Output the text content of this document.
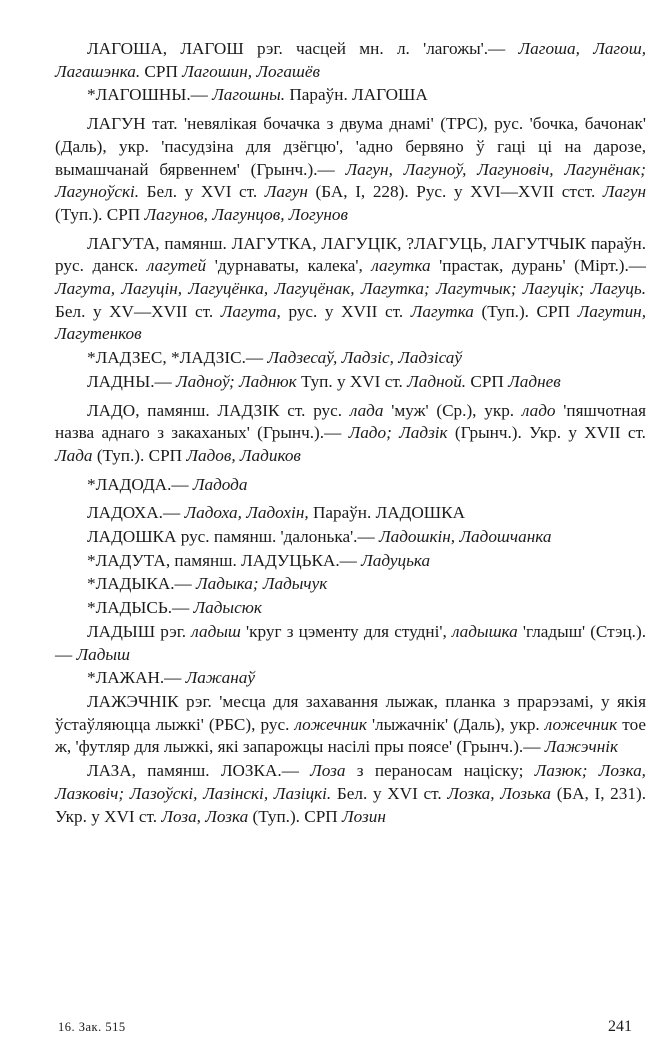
ЛАГОША, ЛАГОШ рэг. часцей мн. л. 'лагожы'.— Лагоша, Лагош, Лагашэнка. СРП Лагошин, Логашёв

*ЛАГОШНЫ.— Лагошны. Параўн. ЛАГОША

ЛАГУН тат. 'невялікая бочачка з двума днамі' (ТРС), рус. 'бочка, бачонак' (Даль), укр. 'пасудзіна для дзёгцю', 'адно бервяно ў гаці ці на дарозе, вымашчанай бярвеннем' (Грынч.).— Лагун, Лагуноў, Лагуновіч, Лагунёнак; Лагуноўскі. Бел. у XVI ст. Лагун (БА, І, 228). Рус. у XVI—XVII стст. Лагун (Туп.). СРП Лагунов, Лагунцов, Логунов

ЛАГУТА, памянш. ЛАГУТКА, ЛАГУЦІК, ?ЛАГУЦЬ, ЛАГУТЧЫК параўн. рус. данск. лагутей 'дурнаваты, калека', лагутка 'прастак, дурань' (Мірт.).— Лагута, Лагуцін, Лагуцёнка, Лагуцёнак, Лагутка; Лагутчык; Лагуцік; Лагуць. Бел. у XV—XVII ст. Лагута, рус. у XVII ст. Лагутка (Туп.). СРП Лагутин, Лагутенков

*ЛАДЗЕС, *ЛАДЗІС.— Ладзесаў, Ладзіс, Ладзісаў

ЛАДНЫ.— Ладноў; Ладнюк Туп. у XVI ст. Ладной. СРП Ладнев

ЛАДО, памянш. ЛАДЗІК ст. рус. лада 'муж' (Ср.), укр. ладо 'пяшчотная назва аднаго з закаханых' (Грынч.).— Ладо; Ладзік (Грынч.). Укр. у XVII ст. Лада (Туп.). СРП Ладов, Ладиков

*ЛАДОДА.— Ладода

ЛАДОХА.— Ладоха, Ладохін, Параўн. ЛАДОШКА

ЛАДОШКА рус. памянш. 'далонька'.— Ладошкін, Ладошчанка

*ЛАДУТА, памянш. ЛАДУЦЬКА.— Ладуцька

*ЛАДЫКА.— Ладыка; Ладычук

*ЛАДЫСЬ.— Ладысюк

ЛАДЫШ рэг. ладыш 'круг з цэменту для студні', ладышка 'гладыш' (Стэц.).— Ладыш

*ЛАЖАН.— Лажанаў

ЛАЖЭЧНІК рэг. 'месца для захавання лыжак, планка з прарэзамі, у якія ўстаўляюцца лыжкі' (РБС), рус. ложечник 'лыжачнік' (Даль), укр. ложечник тое ж, 'футляр для лыжкі, які запарожцы насілі пры поясе' (Грынч.).— Лажэчнік

ЛАЗА, памянш. ЛОЗКА.— Лоза з пераносам націску; Лазюк; Лозка, Лазковіч; Лазоўскі, Лазінскі, Лазіцкі. Бел. у XVI ст. Лозка, Лозька (БА, І, 231). Укр. у XVI ст. Лоза, Лозка (Туп.). СРП Лозин

16. Зак. 515	241
